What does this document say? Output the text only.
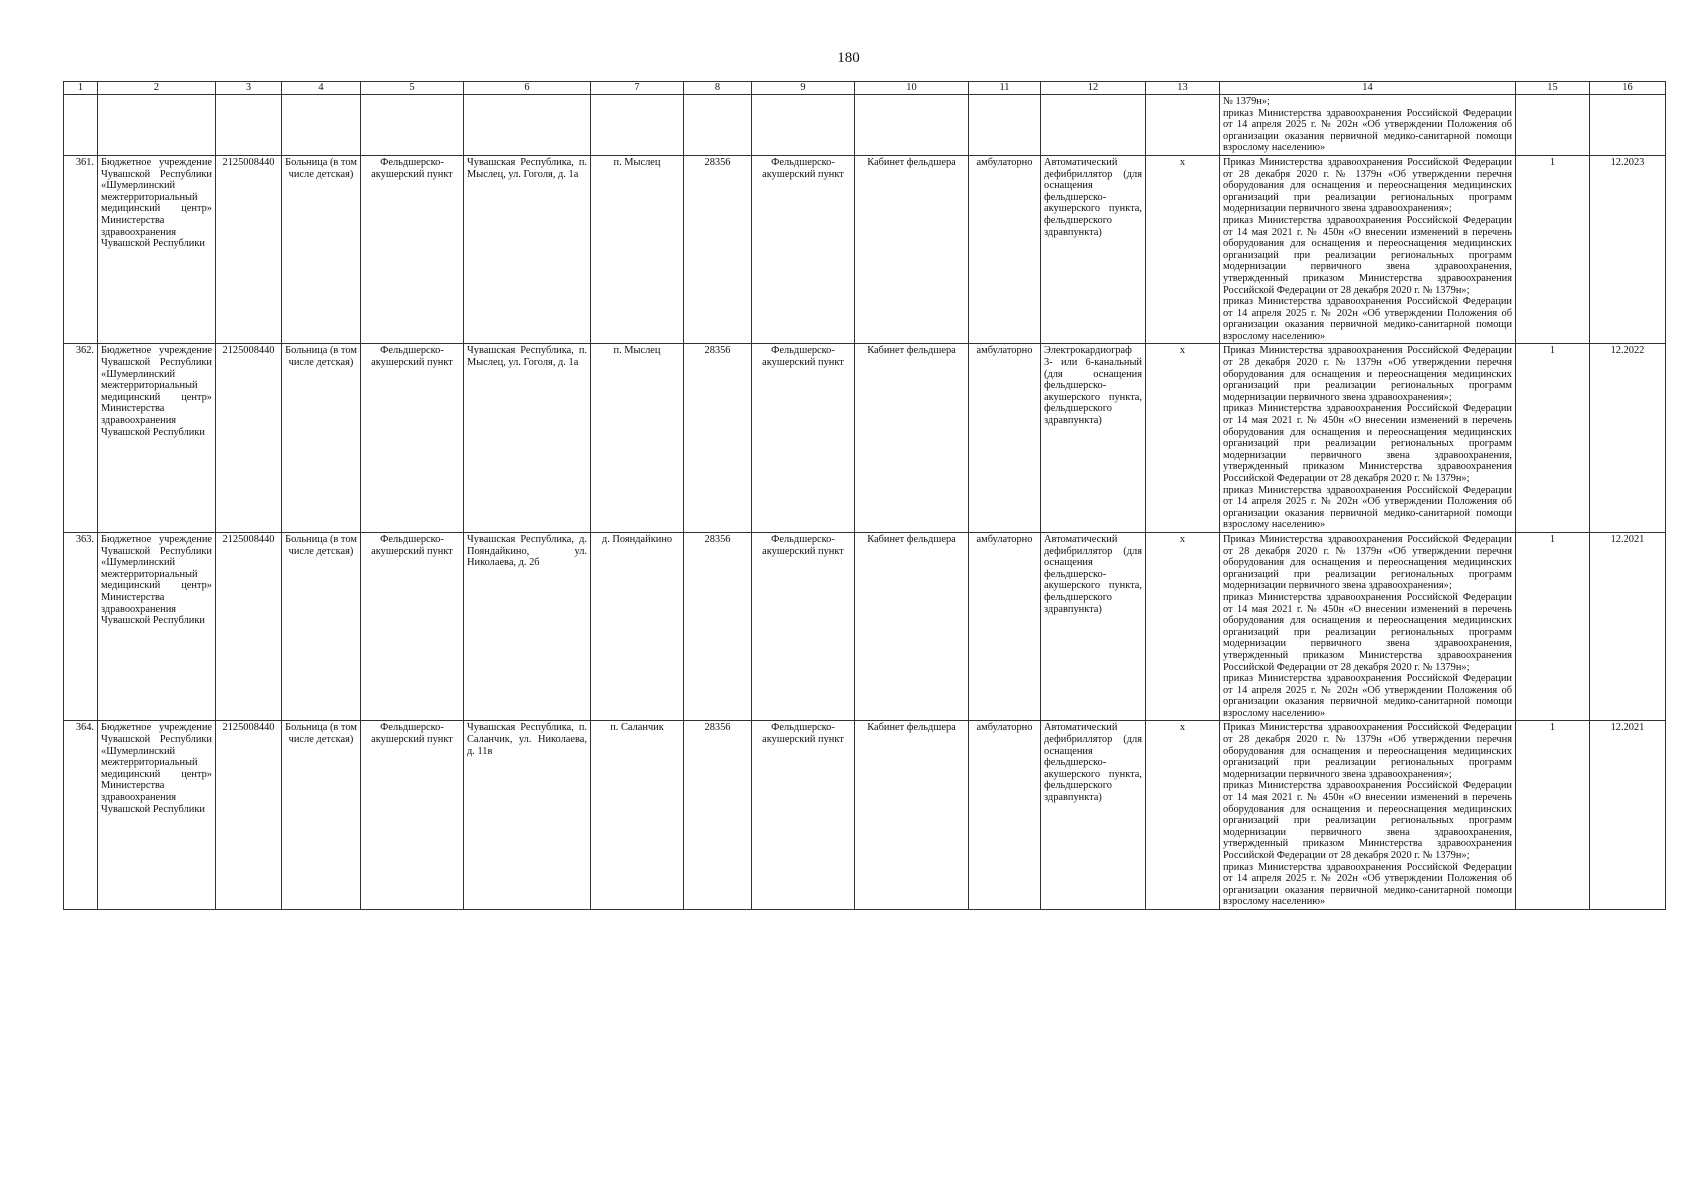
180
1	2	3	4	5	6	7	8	9	10	11	12	13	14	15	16
													№ 1379н»;
приказ Министерства здравоохранения Российской Федерации от 14 апреля 2025 г. № 202н «Об утверждении Положения об организации оказания первичной медико-санитарной помощи взрослому населению»		
361.	Бюджетное учреждение Чувашской Республики «Шумерлинский межтерриториальный медицинский центр» Министерства здравоохранения Чувашской Республики	2125008440	Больница (в том числе детская)	Фельдшерско-акушерский пункт	Чувашская Республика, п. Мыслец, ул. Гоголя, д. 1а	п. Мыслец	28356	Фельдшерско-акушерский пункт	Кабинет фельдшера	амбулаторно	Автоматический дефибриллятор (для оснащения фельдшерско-акушерского пункта, фельдшерского здравпункта)	x	Приказ Министерства здравоохранения Российской Федерации от 28 декабря 2020 г. № 1379н «Об утверждении перечня оборудования для оснащения и переоснащения медицинских организаций при реализации региональных программ модернизации первичного звена здравоохранения»;
приказ Министерства здравоохранения Российской Федерации от 14 мая 2021 г. № 450н «О внесении изменений в перечень оборудования для оснащения и переоснащения медицинских организаций при реализации региональных программ модернизации первичного звена здравоохранения, утвержденный приказом Министерства здравоохранения Российской Федерации от 28 декабря 2020 г. № 1379н»;
приказ Министерства здравоохранения Российской Федерации от 14 апреля 2025 г. № 202н «Об утверждении Положения об организации оказания первичной медико-санитарной помощи взрослому населению»	1	12.2023
362.	Бюджетное учреждение Чувашской Республики «Шумерлинский межтерриториальный медицинский центр» Министерства здравоохранения Чувашской Республики	2125008440	Больница (в том числе детская)	Фельдшерско-акушерский пункт	Чувашская Республика, п. Мыслец, ул. Гоголя, д. 1а	п. Мыслец	28356	Фельдшерско-акушерский пункт	Кабинет фельдшера	амбулаторно	Электрокардиограф 3- или 6-канальный (для оснащения фельдшерско-акушерского пункта, фельдшерского здравпункта)	x	Приказ Министерства здравоохранения Российской Федерации от 28 декабря 2020 г. № 1379н «Об утверждении перечня оборудования для оснащения и переоснащения медицинских организаций при реализации региональных программ модернизации первичного звена здравоохранения»;
приказ Министерства здравоохранения Российской Федерации от 14 мая 2021 г. № 450н «О внесении изменений в перечень оборудования для оснащения и переоснащения медицинских организаций при реализации региональных программ модернизации первичного звена здравоохранения, утвержденный приказом Министерства здравоохранения Российской Федерации от 28 декабря 2020 г. № 1379н»;
приказ Министерства здравоохранения Российской Федерации от 14 апреля 2025 г. № 202н «Об утверждении Положения об организации оказания первичной медико-санитарной помощи взрослому населению»	1	12.2022
363.	Бюджетное учреждение Чувашской Республики «Шумерлинский межтерриториальный медицинский центр» Министерства здравоохранения Чувашской Республики	2125008440	Больница (в том числе детская)	Фельдшерско-акушерский пункт	Чувашская Республика, д. Пояндайкино, ул. Николаева, д. 2б	д. Пояндайкино	28356	Фельдшерско-акушерский пункт	Кабинет фельдшера	амбулаторно	Автоматический дефибриллятор (для оснащения фельдшерско-акушерского пункта, фельдшерского здравпункта)	x	Приказ Министерства здравоохранения Российской Федерации от 28 декабря 2020 г. № 1379н «Об утверждении перечня оборудования для оснащения и переоснащения медицинских организаций при реализации региональных программ модернизации первичного звена здравоохранения»;
приказ Министерства здравоохранения Российской Федерации от 14 мая 2021 г. № 450н «О внесении изменений в перечень оборудования для оснащения и переоснащения медицинских организаций при реализации региональных программ модернизации первичного звена здравоохранения, утвержденный приказом Министерства здравоохранения Российской Федерации от 28 декабря 2020 г. № 1379н»;
приказ Министерства здравоохранения Российской Федерации от 14 апреля 2025 г. № 202н «Об утверждении Положения об организации оказания первичной медико-санитарной помощи взрослому населению»	1	12.2021
364.	Бюджетное учреждение Чувашской Республики «Шумерлинский межтерриториальный медицинский центр» Министерства здравоохранения Чувашской Республики	2125008440	Больница (в том числе детская)	Фельдшерско-акушерский пункт	Чувашская Республика, п. Саланчик, ул. Николаева, д. 11в	п. Саланчик	28356	Фельдшерско-акушерский пункт	Кабинет фельдшера	амбулаторно	Автоматический дефибриллятор (для оснащения фельдшерско-акушерского пункта, фельдшерского здравпункта)	x	Приказ Министерства здравоохранения Российской Федерации от 28 декабря 2020 г. № 1379н «Об утверждении перечня оборудования для оснащения и переоснащения медицинских организаций при реализации региональных программ модернизации первичного звена здравоохранения»;
приказ Министерства здравоохранения Российской Федерации от 14 мая 2021 г. № 450н «О внесении изменений в перечень оборудования для оснащения и переоснащения медицинских организаций при реализации региональных программ модернизации первичного звена здравоохранения, утвержденный приказом Министерства здравоохранения Российской Федерации от 28 декабря 2020 г. № 1379н»;
приказ Министерства здравоохранения Российской Федерации от 14 апреля 2025 г. № 202н «Об утверждении Положения об организации оказания первичной медико-санитарной помощи взрослому населению»	1	12.2021
